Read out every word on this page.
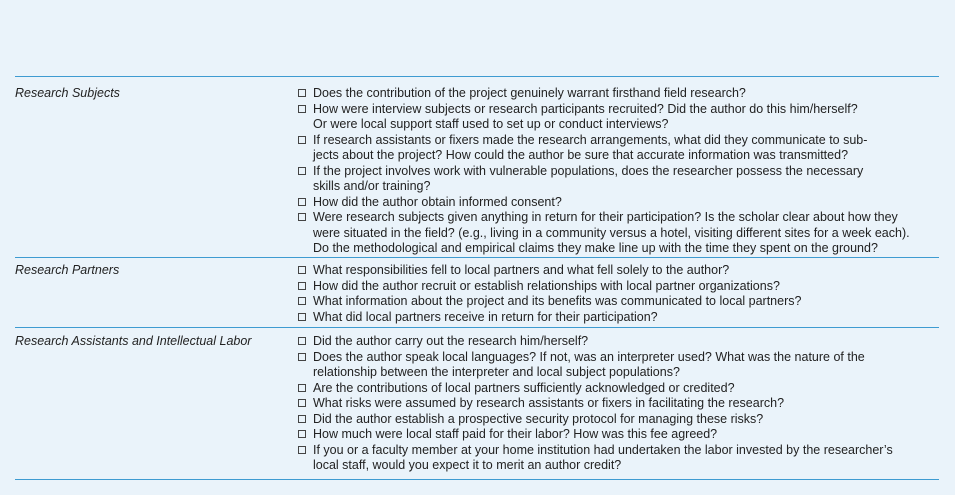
Research Subjects	Does the contribution of the project genuinely warrant firsthand field research?
How were interview subjects or research participants recruited? Did the author do this him/herself?
Or were local support staff used to set up or conduct interviews?
If research assistants or fixers made the research arrangements, what did they communicate to sub-
jects about the project? How could the author be sure that accurate information was transmitted?
If the project involves work with vulnerable populations, does the researcher possess the necessary
skills and/or training?
How did the author obtain informed consent?
Were research subjects given anything in return for their participation? Is the scholar clear about how they
were situated in the field? (e.g., living in a community versus a hotel, visiting different sites for a week each).
Do the methodological and empirical claims they make line up with the time they spent on the ground?
Research Partners	What responsibilities fell to local partners and what fell solely to the author?
How did the author recruit or establish relationships with local partner organizations?
What information about the project and its benefits was communicated to local partners?
What did local partners receive in return for their participation?
Research Assistants and Intellectual Labor	Did the author carry out the research him/herself?
Does the author speak local languages? If not, was an interpreter used? What was the nature of the
relationship between the interpreter and local subject populations?
Are the contributions of local partners sufficiently acknowledged or credited?
What risks were assumed by research assistants or fixers in facilitating the research?
Did the author establish a prospective security protocol for managing these risks?
How much were local staff paid for their labor? How was this fee agreed?
If you or a faculty member at your home institution had undertaken the labor invested by the researcher’s
local staff, would you expect it to merit an author credit?
